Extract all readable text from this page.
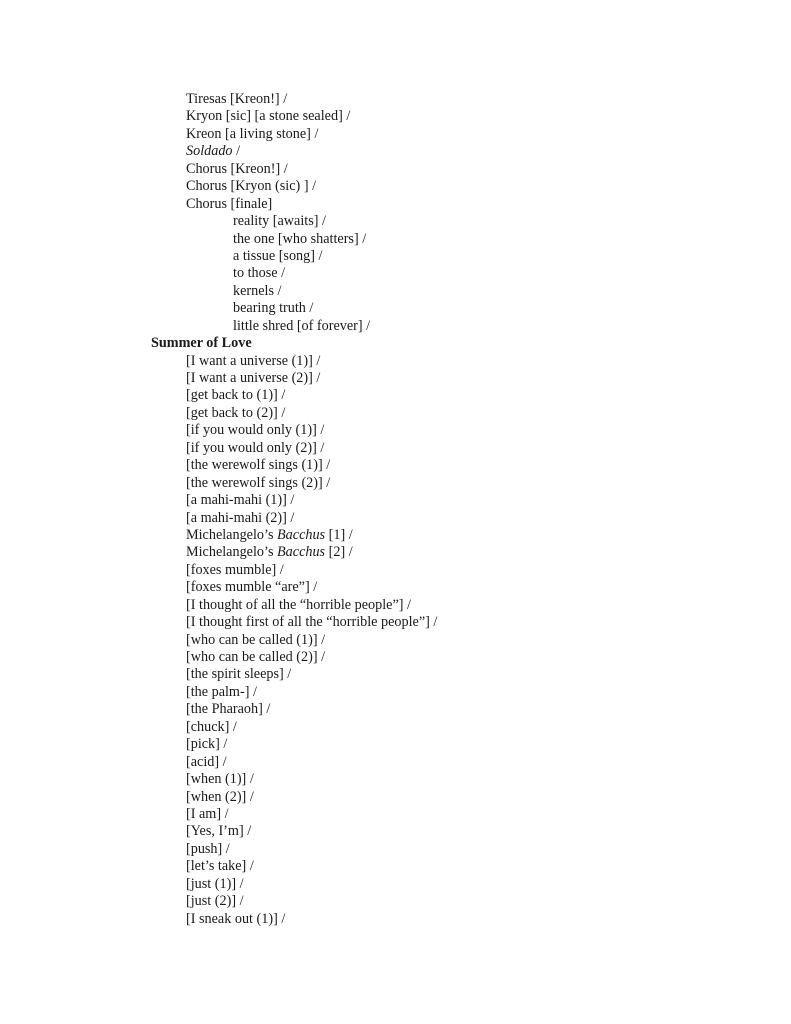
Tiresas [Kreon!] /
Kryon [sic] [a stone sealed] /
Kreon [a living stone] /
Soldado /
Chorus [Kreon!] /
Chorus [Kryon (sic) ] /
Chorus [finale]
reality [awaits] /
the one [who shatters] /
a tissue [song] /
to those /
kernels /
bearing truth /
little shred [of forever] /
Summer of Love
[I want a universe (1)] /
[I want a universe (2)] /
[get back to (1)] /
[get back to (2)] /
[if you would only (1)] /
[if you would only (2)] /
[the werewolf sings (1)] /
[the werewolf sings (2)] /
[a mahi-mahi (1)] /
[a mahi-mahi (2)] /
Michelangelo’s Bacchus [1] /
Michelangelo’s Bacchus [2] /
[foxes mumble] /
[foxes mumble “are”] /
[I thought of all the “horrible people”] /
[I thought first of all the “horrible people”] /
[who can be called (1)] /
[who can be called (2)] /
[the spirit sleeps] /
[the palm-] /
[the Pharaoh] /
[chuck] /
[pick] /
[acid] /
[when (1)] /
[when (2)] /
[I am] /
[Yes, I’m] /
[push] /
[let’s take] /
[just (1)] /
[just (2)] /
[I sneak out (1)] /
